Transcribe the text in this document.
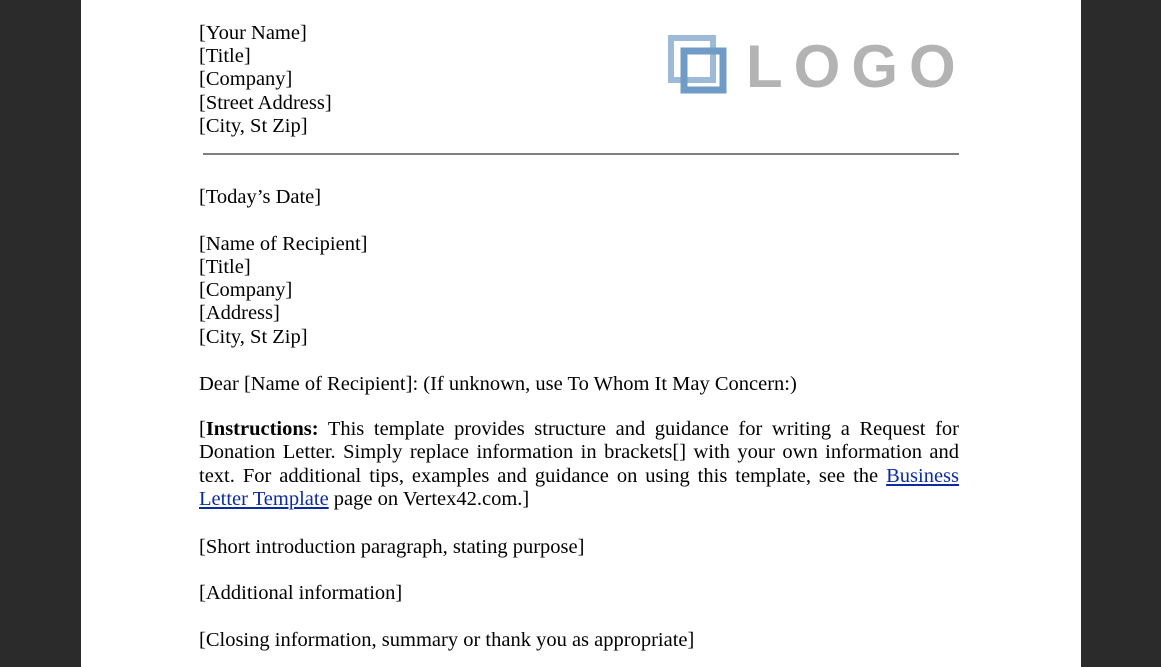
[Your Name]
[Title]
[Company]
[Street Address]
[City, St Zip]
[Today’s Date]
[Name of Recipient]
[Title]
[Company]
[Address]
[City, St Zip]
Dear [Name of Recipient]: (If unknown, use To Whom It May Concern:)
[Instructions: This template provides structure and guidance for writing a Request for Donation Letter. Simply replace information in brackets[] with your own information and text. For additional tips, examples and guidance on using this template, see the Business Letter Template page on Vertex42.com.]
[Short introduction paragraph, stating purpose]
[Additional information]
[Closing information, summary or thank you as appropriate]
LOGO
